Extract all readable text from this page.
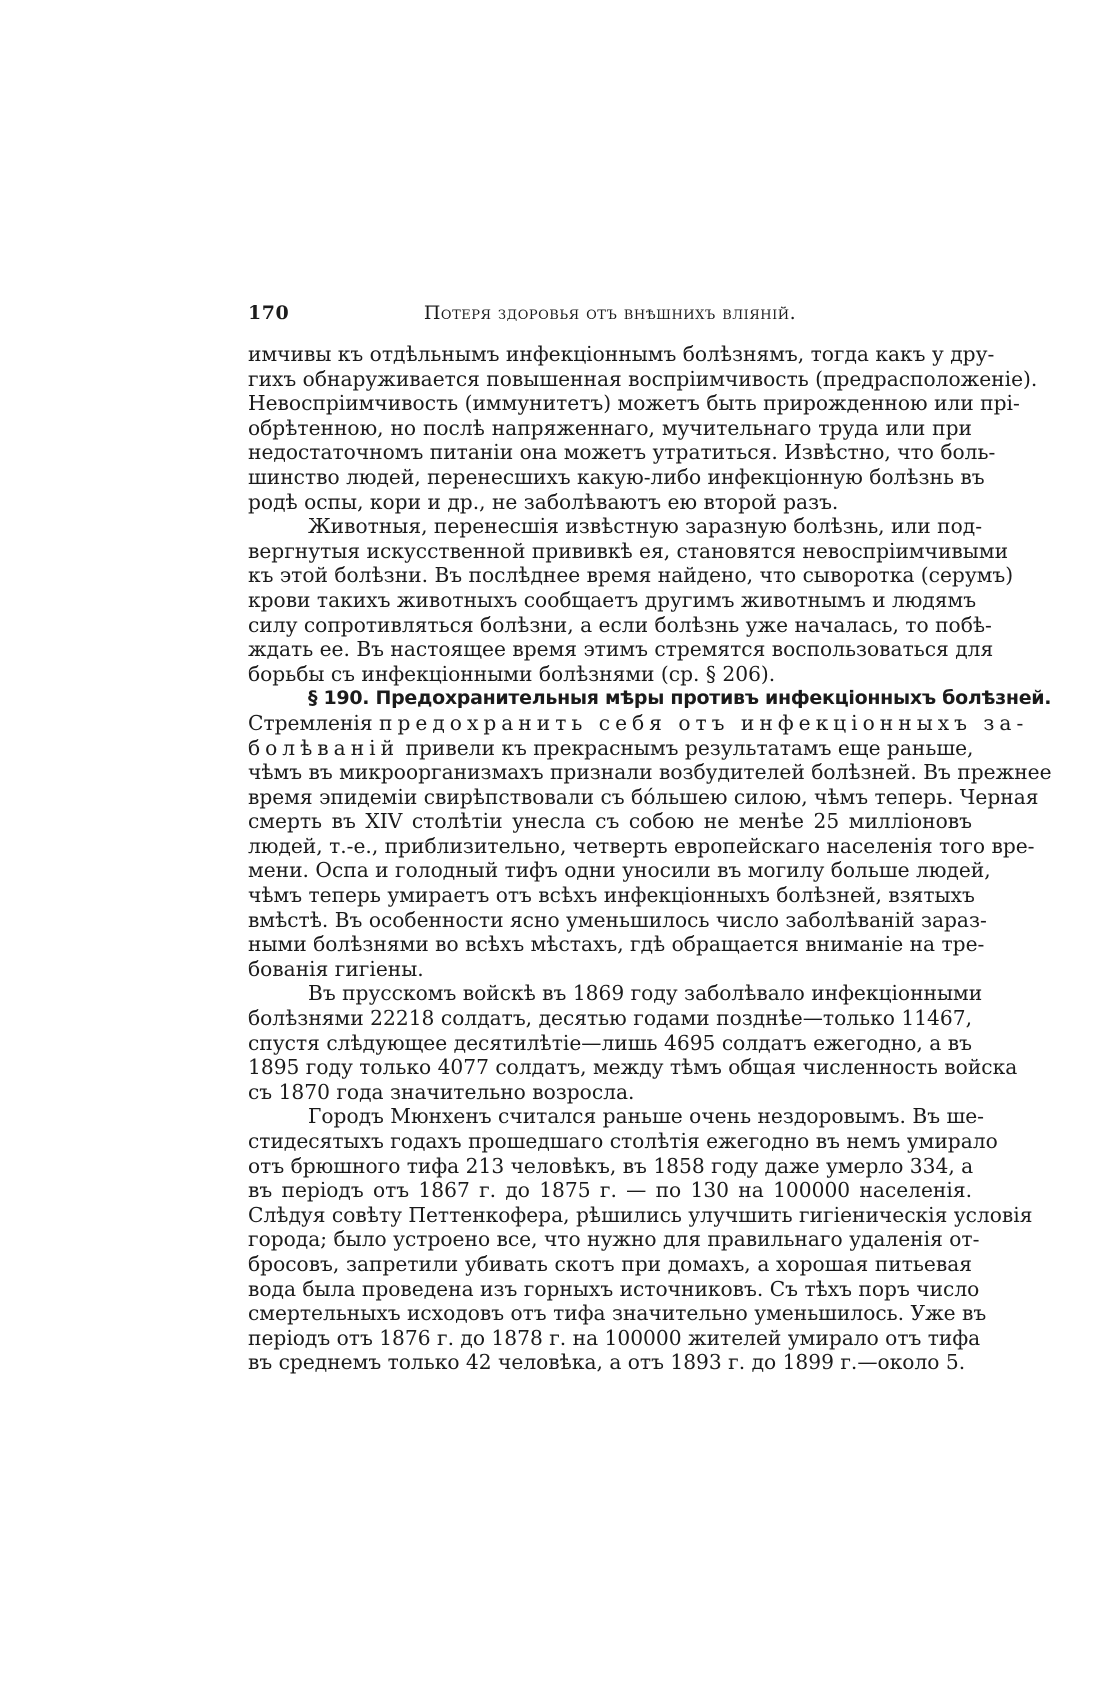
170	Потеря здоровья отъ внѣшнихъ вліяній.

имчивы къ отдѣльнымъ инфекціоннымъ болѣзнямъ, тогда какъ у дру-
гихъ обнаруживается повышенная воспріимчивость (предрасположеніе).
Невоспріимчивость (иммунитетъ) можетъ быть прирожденною или пpi-
обрѣтенною, но послѣ напряженнаго, мучительнаго труда или при
недостаточномъ питаніи она можетъ утратиться. Извѣстно, что боль-
шинство людей, перенесшихъ какую-либо инфекціонную болѣзнь въ
родѣ оспы, кори и др., не заболѣваютъ ею второй разъ.

Животныя, перенесшія извѣстную заразную болѣзнь, или под-
вергнутыя искусственной прививкѣ ея, становятся невоспріимчивыми
къ этой болѣзни. Въ послѣднее время найдено, что сыворотка (серумъ)
крови такихъ животныхъ сообщаетъ другимъ животнымъ и людямъ
силу сопротивляться болѣзни, а если болѣзнь уже началась, то побѣ-
ждать ее. Въ настоящее время этимъ стремятся воспользоваться для
борьбы съ инфекціонными болѣзнями (ср. § 206).

§ 190. Предохранительныя мѣры противъ инфекціонныхъ болѣзней.
Стремленія предохранить себя отъ инфекціонныхъ за-
болѣваній привели къ прекраснымъ результатамъ еще раньше,
чѣмъ въ микроорганизмахъ признали возбудителей болѣзней. Въ прежнее
время эпидеміи свирѣпствовали съ бо́льшею силою, чѣмъ теперь. Черная
смерть въ XIV столѣтіи унесла съ собою не менѣе 25 милліоновъ
людей, т.-е., приблизительно, четверть европейскаго населенія того вре-
мени. Оспа и голодный тифъ одни уносили въ могилу больше людей,
чѣмъ теперь умираетъ отъ всѣхъ инфекціонныхъ болѣзней, взятыхъ
вмѣстѣ. Въ особенности ясно уменьшилось число заболѣваній зараз-
ными болѣзнями во всѣхъ мѣстахъ, гдѣ обращается вниманіе на тре-
бованія гигіены.

Въ прусскомъ войскѣ въ 1869 году заболѣвало инфекціонными
болѣзнями 22218 солдатъ, десятью годами позднѣе—только 11467,
спустя слѣдующее десятилѣтіе—лишь 4695 солдатъ ежегодно, а въ
1895 году только 4077 солдатъ, между тѣмъ общая численность войска
съ 1870 года значительно возросла.

Городъ Мюнхенъ считался раньше очень нездоровымъ. Въ ше-
стидесятыхъ годахъ прошедшаго столѣтія ежегодно въ немъ умирало
отъ брюшного тифа 213 человѣкъ, въ 1858 году даже умерло 334, а
въ періодъ отъ 1867 г. до 1875 г. — по 130 на 100000 населенія.
Слѣдуя совѣту Петтенкофера, рѣшились улучшить гигіеническія условія
города; было устроено все, что нужно для правильнаго удаленія от-
бросовъ, запретили убивать скотъ при домахъ, а хорошая питьевая
вода была проведена изъ горныхъ источниковъ. Съ тѣхъ поръ число
смертельныхъ исходовъ отъ тифа значительно уменьшилось. Уже въ
періодъ отъ 1876 г. до 1878 г. на 100000 жителей умирало отъ тифа
въ среднемъ только 42 человѣка, а отъ 1893 г. до 1899 г.—около 5.
